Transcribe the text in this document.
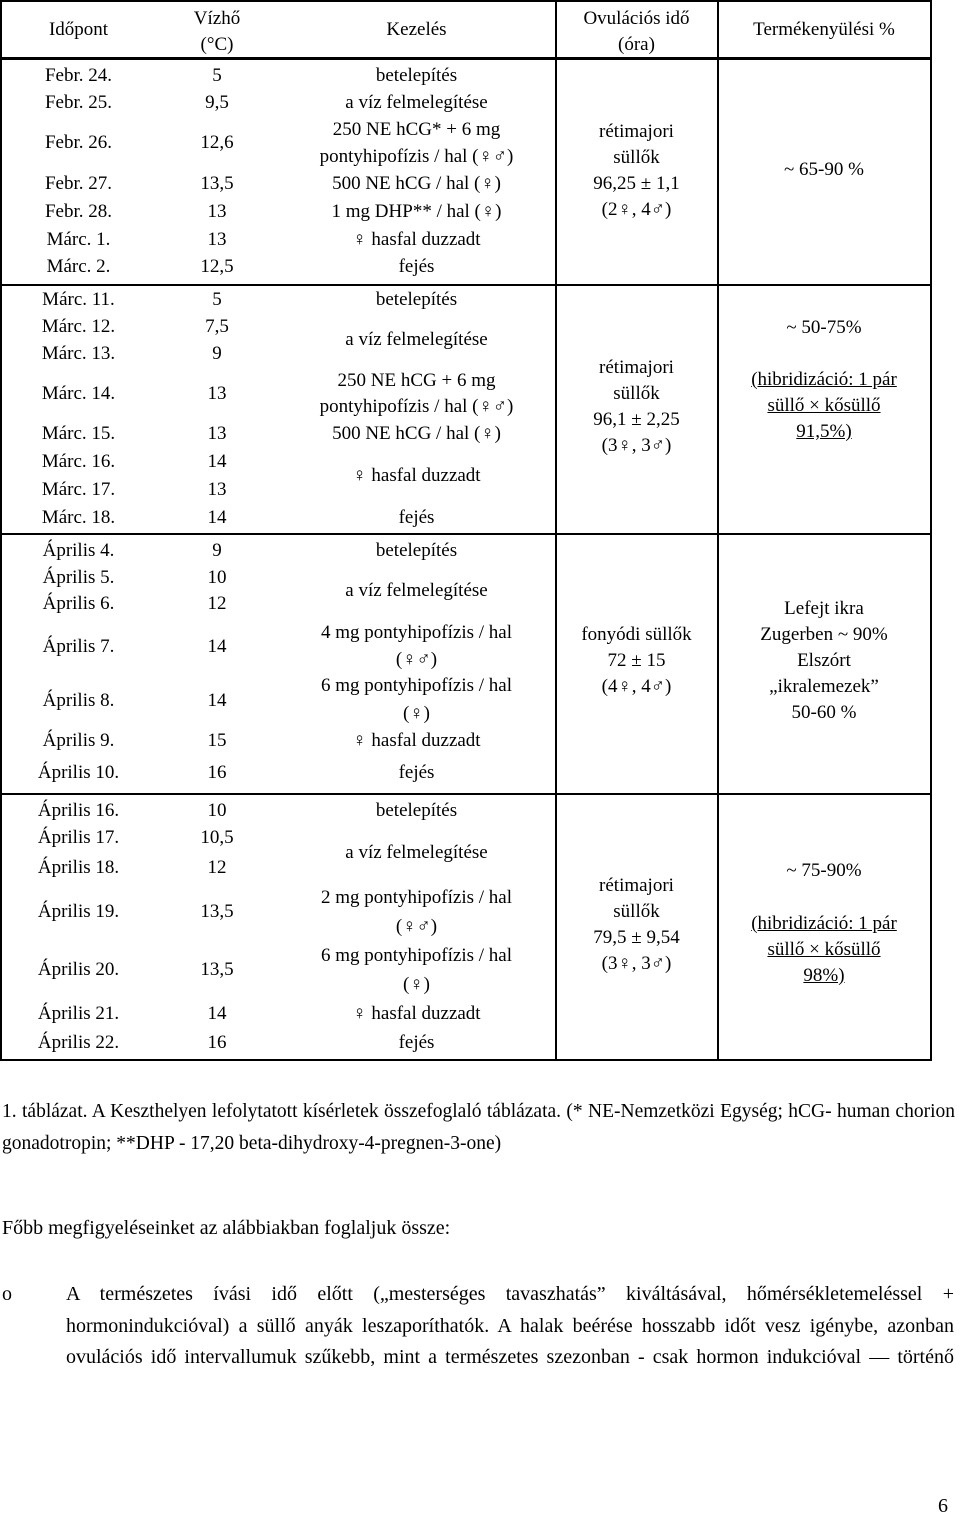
Időpont
Vízhő
(°C)
Kezelés
Ovulációs idő
(óra)
Termékenyülési %
Febr. 24.
Febr. 25.
Febr. 26.
Febr. 27.
Febr. 28.
Márc. 1.
Márc. 2.
5
9,5
12,6
13,5
13
13
12,5
betelepítés
a víz felmelegítése
250 NE hCG* + 6 mg
pontyhipofízis / hal (♀♂)
500 NE hCG / hal (♀)
1 mg DHP** / hal (♀)
♀ hasfal duzzadt
fejés
rétimajori
süllők
96,25 ± 1,1
(2♀, 4♂)
~ 65-90 %
Márc. 11.
Márc. 12.
Márc. 13.
Márc. 14.
Márc. 15.
Márc. 16.
Márc. 17.
Márc. 18.
5
7,5
9
13
13
14
13
14
betelepítés
a víz felmelegítése
250 NE hCG + 6 mg
pontyhipofízis / hal (♀♂)
500 NE hCG / hal (♀)
♀ hasfal duzzadt
fejés
rétimajori
süllők
96,1 ± 2,25
(3♀, 3♂)
~ 50-75%
(hibridizáció: 1 pár
süllő × kősüllő
91,5%)
Április 4.
Április 5.
Április 6.
Április 7.
Április 8.
Április 9.
Április 10.
9
10
12
14
14
15
16
betelepítés
a víz felmelegítése
4 mg pontyhipofízis / hal
(♀♂)
6 mg pontyhipofízis / hal
(♀)
♀ hasfal duzzadt
fejés
fonyódi süllők
72 ± 15
(4♀, 4♂)
Lefejt ikra
Zugerben ~ 90%
Elszórt
„ikralemezek”
50-60 %
Április 16.
Április 17.
Április 18.
Április 19.
Április 20.
Április 21.
Április 22.
10
10,5
12
13,5
13,5
14
16
betelepítés
a víz felmelegítése
2 mg pontyhipofízis / hal
(♀♂)
6 mg pontyhipofízis / hal
(♀)
♀ hasfal duzzadt
fejés
rétimajori
süllők
79,5 ± 9,54
(3♀, 3♂)
~ 75-90%
(hibridizáció: 1 pár
süllő × kősüllő
98%)
1. táblázat. A Keszthelyen lefolytatott kísérletek összefoglaló táblázata. (* NE-Nemzetközi Egység; hCG- human chorion gonadotropin; **DHP - 17,20 beta-dihydroxy-4-pregnen-3-one)
Főbb megfigyeléseinket az alábbiakban foglaljuk össze:
o	A természetes ívási idő előtt („mesterséges tavaszhatás” kiváltásával, hőmérsékletemeléssel + hormonindukcióval) a süllő anyák leszaporíthatók. A halak beérése hosszabb időt vesz igénybe, azonban ovulációs idő intervallumuk szűkebb, mint a természetes szezonban - csak hormon indukcióval — történő
6
